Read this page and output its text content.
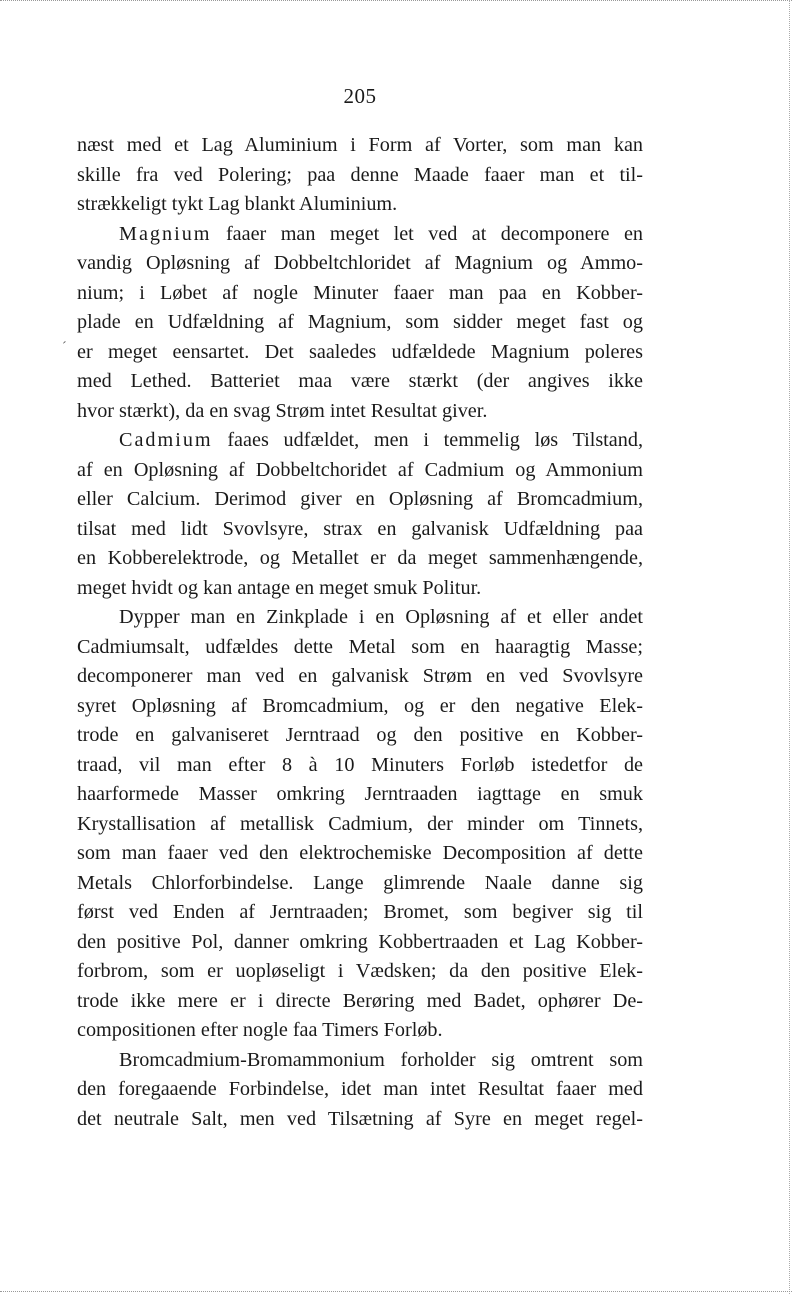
205
´
næst med et Lag Aluminium i Form af Vorter, som man kan
skille fra ved Polering; paa denne Maade faaer man et til-
strækkeligt tykt Lag blankt Aluminium.
Magnium faaer man meget let ved at decomponere en
vandig Opløsning af Dobbeltchloridet af Magnium og Ammo-
nium; i Løbet af nogle Minuter faaer man paa en Kobber-
plade en Udfældning af Magnium, som sidder meget fast og
er meget eensartet. Det saaledes udfældede Magnium poleres
med Lethed. Batteriet maa være stærkt (der angives ikke
hvor stærkt), da en svag Strøm intet Resultat giver.
Cadmium faaes udfældet, men i temmelig løs Tilstand,
af en Opløsning af Dobbeltchoridet af Cadmium og Ammonium
eller Calcium. Derimod giver en Opløsning af Bromcadmium,
tilsat med lidt Svovlsyre, strax en galvanisk Udfældning paa
en Kobberelektrode, og Metallet er da meget sammenhængende,
meget hvidt og kan antage en meget smuk Politur.
Dypper man en Zinkplade i en Opløsning af et eller andet
Cadmiumsalt, udfældes dette Metal som en haaragtig Masse;
decomponerer man ved en galvanisk Strøm en ved Svovlsyre
syret Opløsning af Bromcadmium, og er den negative Elek-
trode en galvaniseret Jerntraad og den positive en Kobber-
traad, vil man efter 8 à 10 Minuters Forløb istedetfor de
haarformede Masser omkring Jerntraaden iagttage en smuk
Krystallisation af metallisk Cadmium, der minder om Tinnets,
som man faaer ved den elektrochemiske Decomposition af dette
Metals Chlorforbindelse. Lange glimrende Naale danne sig
først ved Enden af Jerntraaden; Bromet, som begiver sig til
den positive Pol, danner omkring Kobbertraaden et Lag Kobber-
forbrom, som er uopløseligt i Vædsken; da den positive Elek-
trode ikke mere er i directe Berøring med Badet, ophører De-
compositionen efter nogle faa Timers Forløb.
Bromcadmium-Bromammonium forholder sig omtrent som
den foregaaende Forbindelse, idet man intet Resultat faaer med
det neutrale Salt, men ved Tilsætning af Syre en meget regel-
